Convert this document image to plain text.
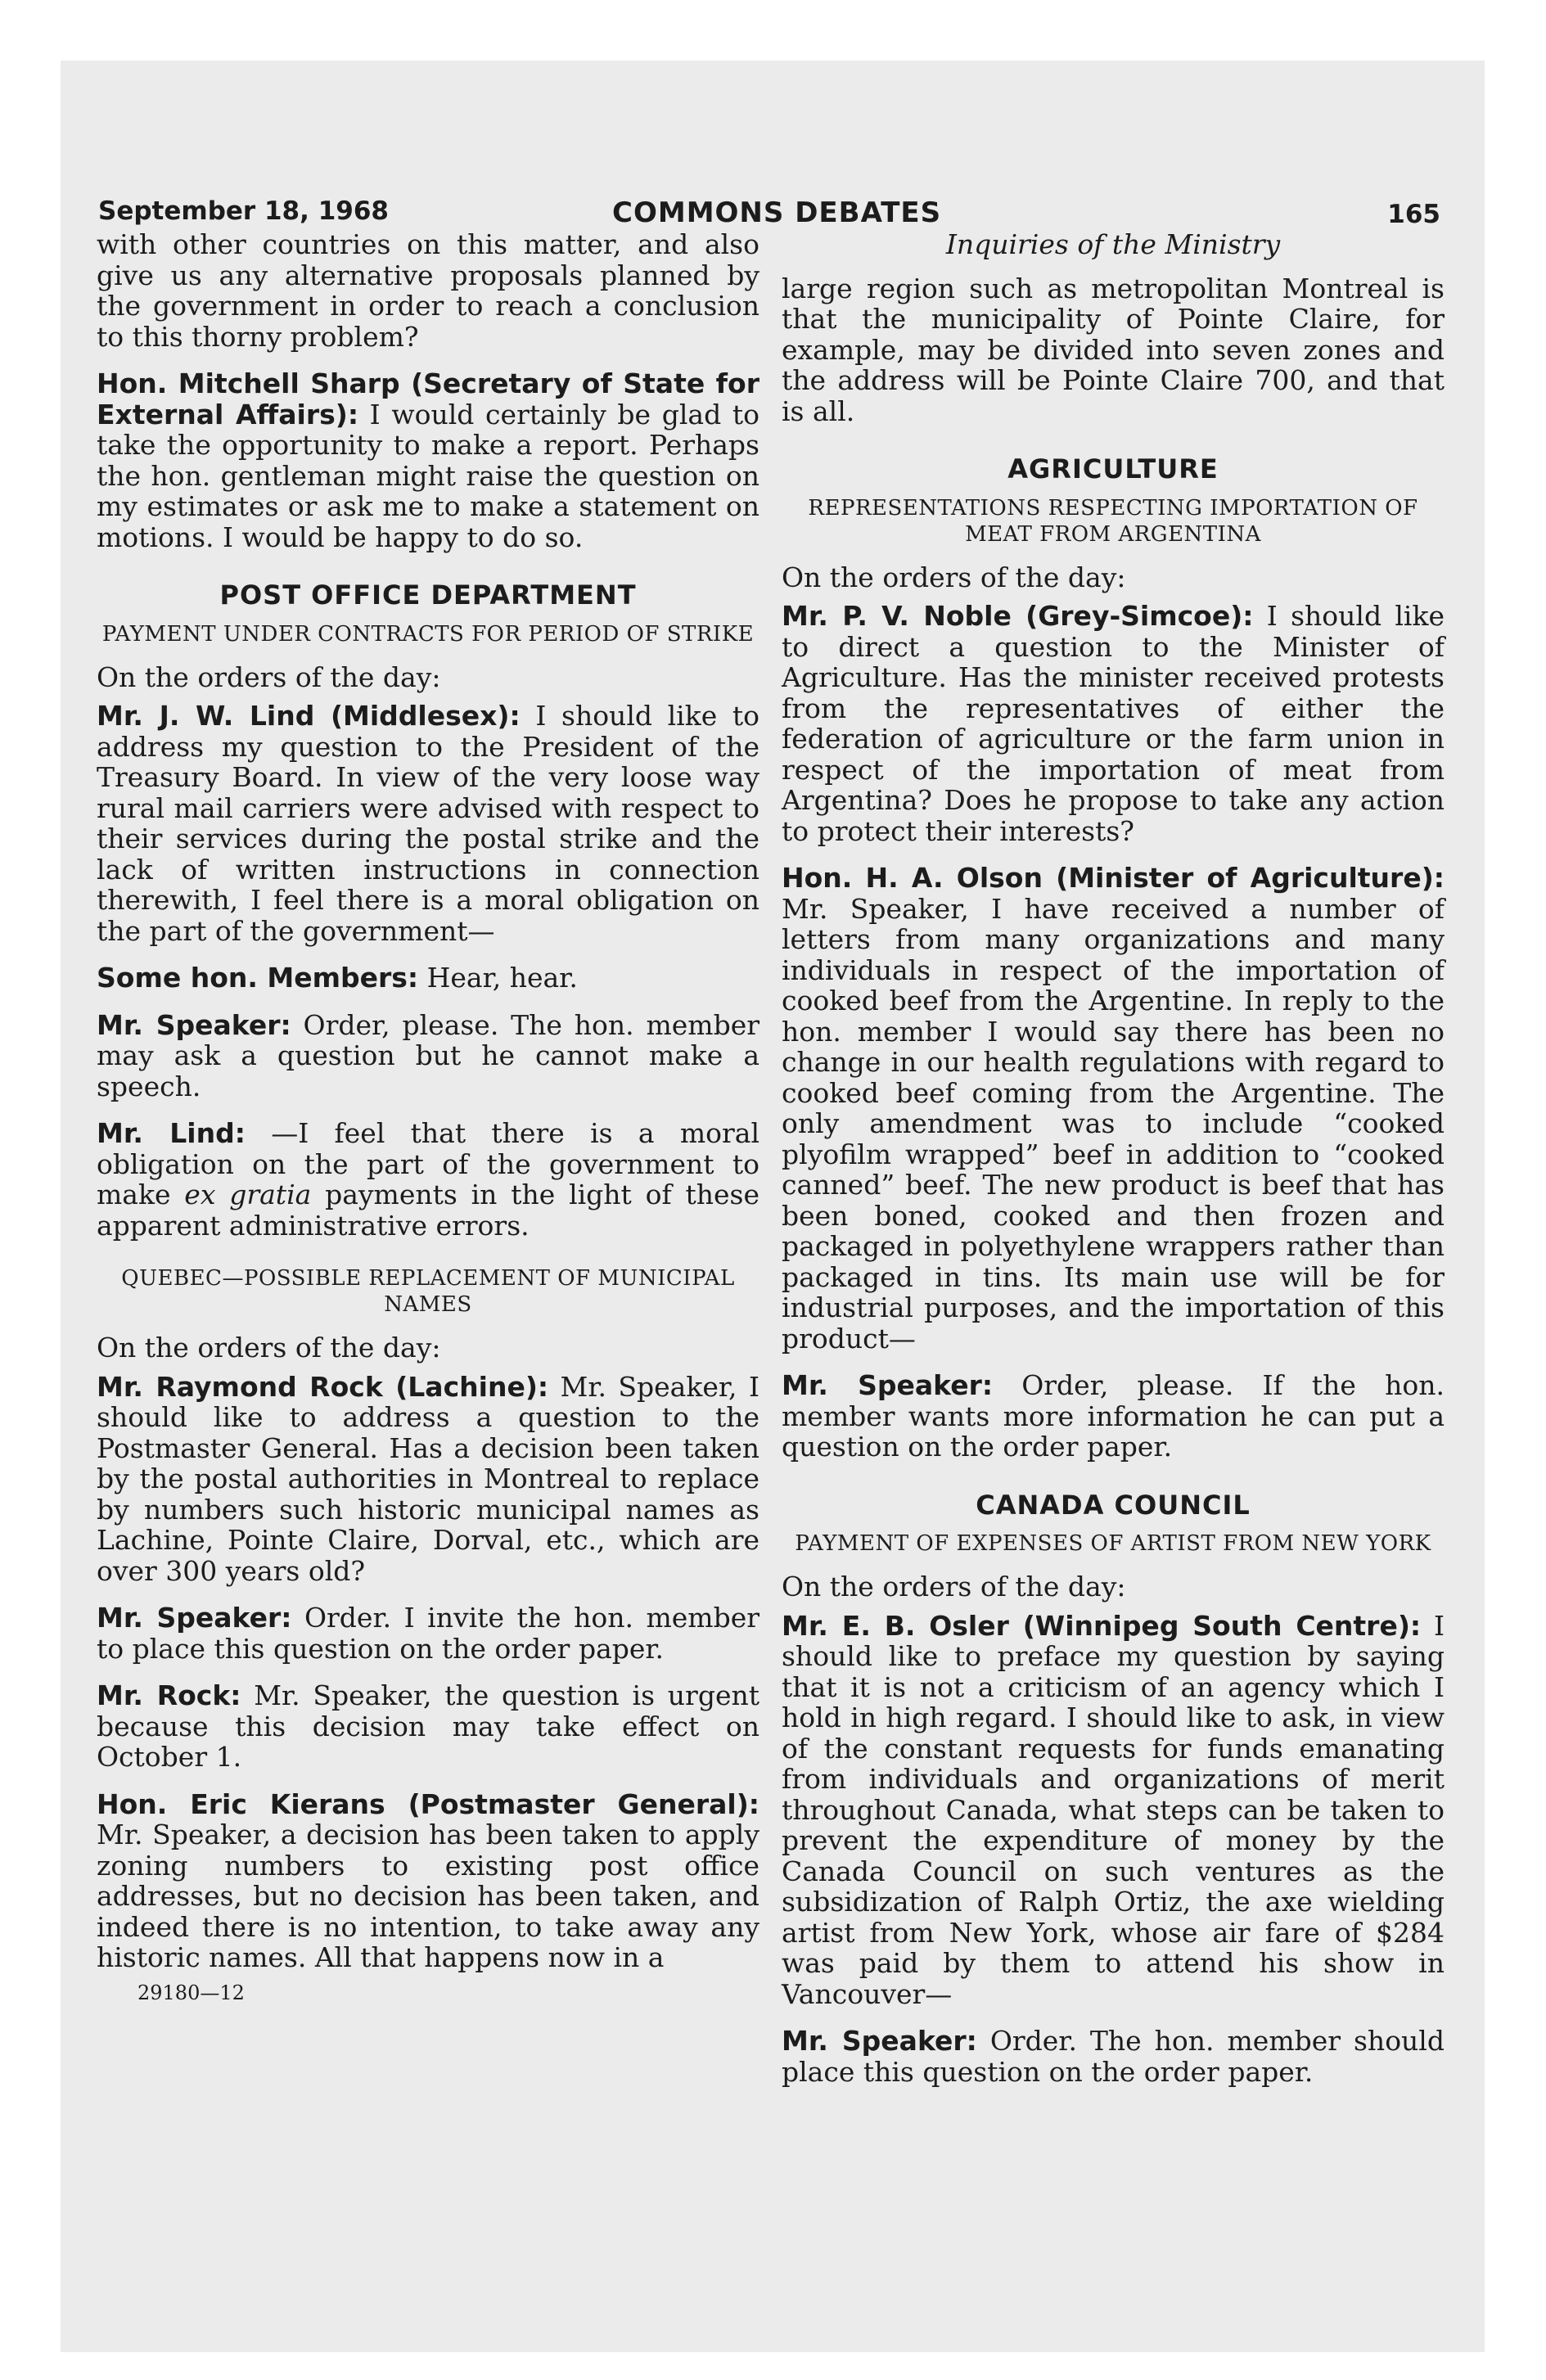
September 18, 1968	COMMONS DEBATES	165

with other countries on this matter, and also give us any alternative proposals planned by the government in order to reach a conclusion to this thorny problem?

Hon. Mitchell Sharp (Secretary of State for External Affairs): I would certainly be glad to take the opportunity to make a report. Perhaps the hon. gentleman might raise the question on my estimates or ask me to make a statement on motions. I would be happy to do so.

POST OFFICE DEPARTMENT
PAYMENT UNDER CONTRACTS FOR PERIOD OF STRIKE

On the orders of the day:

Mr. J. W. Lind (Middlesex): I should like to address my question to the President of the Treasury Board. In view of the very loose way rural mail carriers were advised with respect to their services during the postal strike and the lack of written instructions in connection therewith, I feel there is a moral obligation on the part of the government—

Some hon. Members: Hear, hear.

Mr. Speaker: Order, please. The hon. member may ask a question but he cannot make a speech.

Mr. Lind: —I feel that there is a moral obligation on the part of the government to make ex gratia payments in the light of these apparent administrative errors.

QUEBEC—POSSIBLE REPLACEMENT OF MUNICIPAL NAMES

On the orders of the day:

Mr. Raymond Rock (Lachine): Mr. Speaker, I should like to address a question to the Postmaster General. Has a decision been taken by the postal authorities in Montreal to replace by numbers such historic municipal names as Lachine, Pointe Claire, Dorval, etc., which are over 300 years old?

Mr. Speaker: Order. I invite the hon. member to place this question on the order paper.

Mr. Rock: Mr. Speaker, the question is urgent because this decision may take effect on October 1.

Hon. Eric Kierans (Postmaster General): Mr. Speaker, a decision has been taken to apply zoning numbers to existing post office addresses, but no decision has been taken, and indeed there is no intention, to take away any historic names. All that happens now in a

29180—12
Inquiries of the Ministry

large region such as metropolitan Montreal is that the municipality of Pointe Claire, for example, may be divided into seven zones and the address will be Pointe Claire 700, and that is all.

AGRICULTURE
REPRESENTATIONS RESPECTING IMPORTATION OF MEAT FROM ARGENTINA

On the orders of the day:

Mr. P. V. Noble (Grey-Simcoe): I should like to direct a question to the Minister of Agriculture. Has the minister received protests from the representatives of either the federation of agriculture or the farm union in respect of the importation of meat from Argentina? Does he propose to take any action to protect their interests?

Hon. H. A. Olson (Minister of Agriculture): Mr. Speaker, I have received a number of letters from many organizations and many individuals in respect of the importation of cooked beef from the Argentine. In reply to the hon. member I would say there has been no change in our health regulations with regard to cooked beef coming from the Argentine. The only amendment was to include “cooked plyofilm wrapped” beef in addition to “cooked canned” beef. The new product is beef that has been boned, cooked and then frozen and packaged in polyethylene wrappers rather than packaged in tins. Its main use will be for industrial purposes, and the importation of this product—

Mr. Speaker: Order, please. If the hon. member wants more information he can put a question on the order paper.

CANADA COUNCIL
PAYMENT OF EXPENSES OF ARTIST FROM NEW YORK

On the orders of the day:

Mr. E. B. Osler (Winnipeg South Centre): I should like to preface my question by saying that it is not a criticism of an agency which I hold in high regard. I should like to ask, in view of the constant requests for funds emanating from individuals and organizations of merit throughout Canada, what steps can be taken to prevent the expenditure of money by the Canada Council on such ventures as the subsidization of Ralph Ortiz, the axe wielding artist from New York, whose air fare of $284 was paid by them to attend his show in Vancouver—

Mr. Speaker: Order. The hon. member should place this question on the order paper.
